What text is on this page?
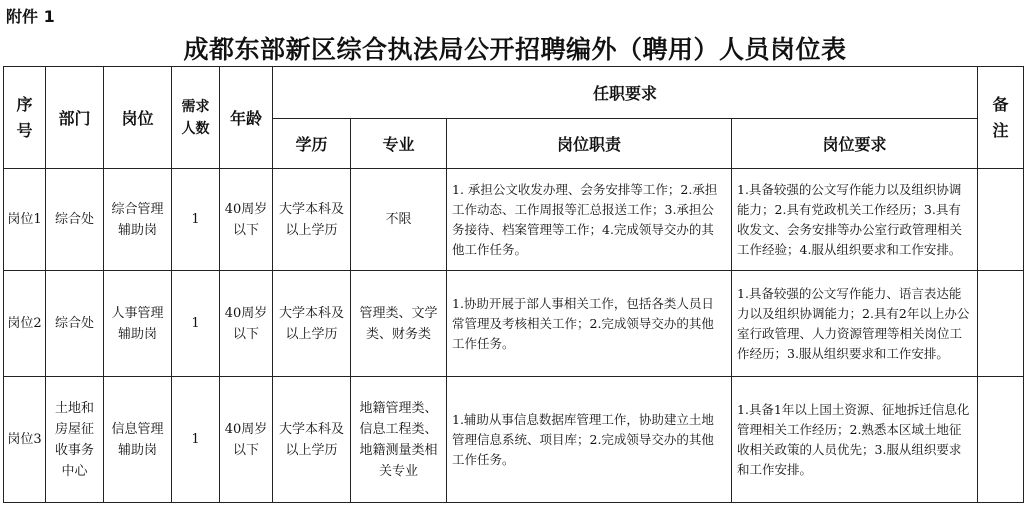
附件 1
成都东部新区综合执法局公开招聘编外（聘用）人员岗位表
序号	部门	岗位	需求人数	年龄	任职要求				备注
					学历	专业	岗位职责	岗位要求	
岗位1	综合处	综合管理辅助岗	1	40周岁以下	大学本科及以上学历	不限	1. 承担公文收发办理、会务安排等工作；2.承担工作动态、工作周报等汇总报送工作；3.承担公务接待、档案管理等工作；4.完成领导交办的其他工作任务。	1.具备较强的公文写作能力以及组织协调能力；2.具有党政机关工作经历；3.具有收发文、会务安排等办公室行政管理相关工作经验；4.服从组织要求和工作安排。	
岗位2	综合处	人事管理辅助岗	1	40周岁以下	大学本科及以上学历	管理类、文学类、财务类	1.协助开展于部人事相关工作，包括各类人员日常管理及考核相关工作；2.完成领导交办的其他工作任务。	1.具备较强的公文写作能力、语言表达能力以及组织协调能力；2.具有2年以上办公室行政管理、人力资源管理等相关岗位工作经历；3.服从组织要求和工作安排。	
岗位3	土地和房屋征收事务中心	信息管理辅助岗	1	40周岁以下	大学本科及以上学历	地籍管理类、信息工程类、地籍测量类相关专业	1.辅助从事信息数据库管理工作，协助建立土地管理信息系统、项目库；2.完成领导交办的其他工作任务。	1.具备1年以上国土资源、征地拆迁信息化管理相关工作经历；2.熟悉本区域土地征收相关政策的人员优先；3.服从组织要求和工作安排。	
